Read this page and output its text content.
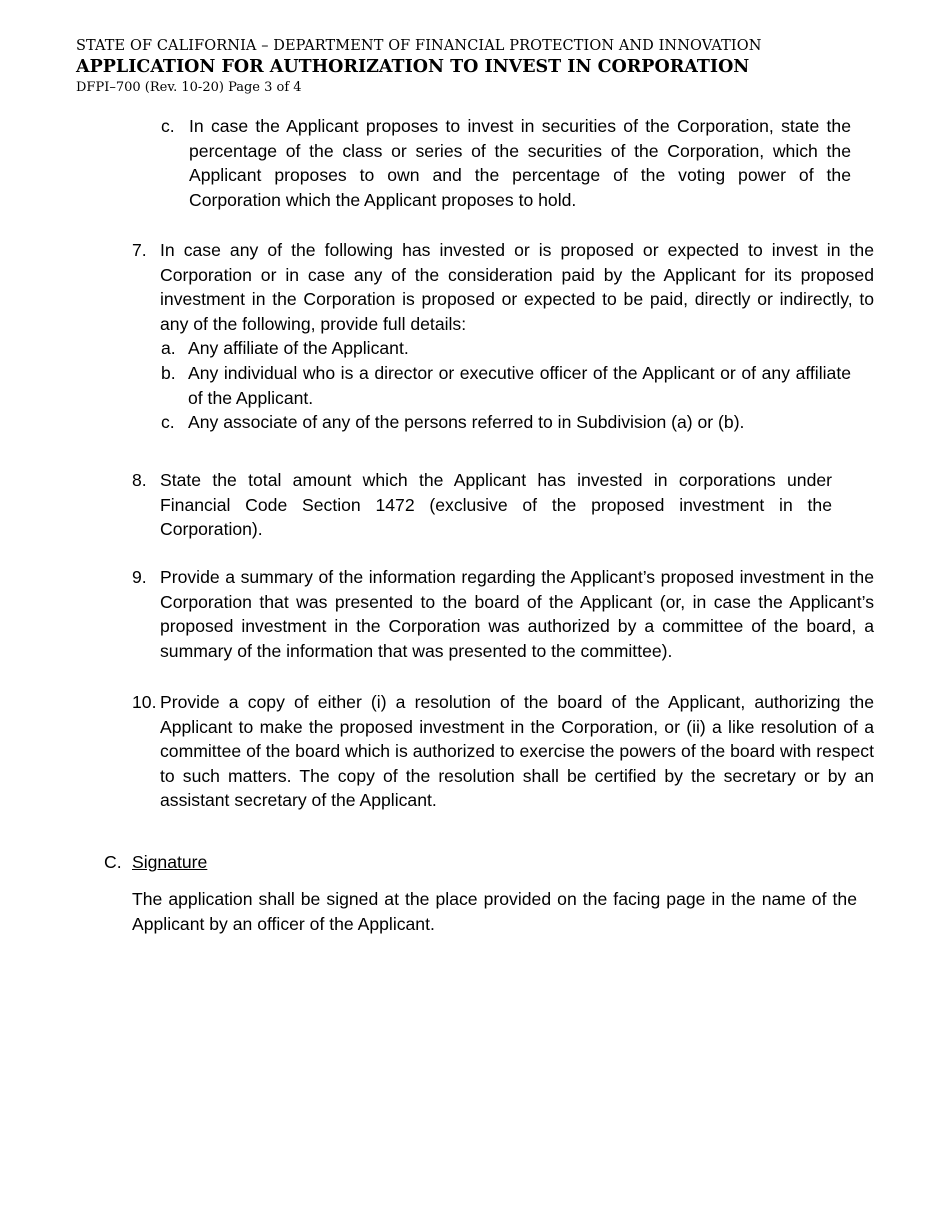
STATE OF CALIFORNIA – DEPARTMENT OF FINANCIAL PROTECTION AND INNOVATION
APPLICATION FOR AUTHORIZATION TO INVEST IN CORPORATION
DFPI–700 (Rev. 10-20) Page 3 of 4
c. In case the Applicant proposes to invest in securities of the Corporation, state the percentage of the class or series of the securities of the Corporation, which the Applicant proposes to own and the percentage of the voting power of the Corporation which the Applicant proposes to hold.
7. In case any of the following has invested or is proposed or expected to invest in the Corporation or in case any of the consideration paid by the Applicant for its proposed investment in the Corporation is proposed or expected to be paid, directly or indirectly, to any of the following, provide full details:
a. Any affiliate of the Applicant.
b. Any individual who is a director or executive officer of the Applicant or of any affiliate of the Applicant.
c. Any associate of any of the persons referred to in Subdivision (a) or (b).
8. State the total amount which the Applicant has invested in corporations under Financial Code Section 1472 (exclusive of the proposed investment in the Corporation).
9. Provide a summary of the information regarding the Applicant’s proposed investment in the Corporation that was presented to the board of the Applicant (or, in case the Applicant’s proposed investment in the Corporation was authorized by a committee of the board, a summary of the information that was presented to the committee).
10. Provide a copy of either (i) a resolution of the board of the Applicant, authorizing the Applicant to make the proposed investment in the Corporation, or (ii) a like resolution of a committee of the board which is authorized to exercise the powers of the board with respect to such matters. The copy of the resolution shall be certified by the secretary or by an assistant secretary of the Applicant.
C. Signature
The application shall be signed at the place provided on the facing page in the name of the Applicant by an officer of the Applicant.
